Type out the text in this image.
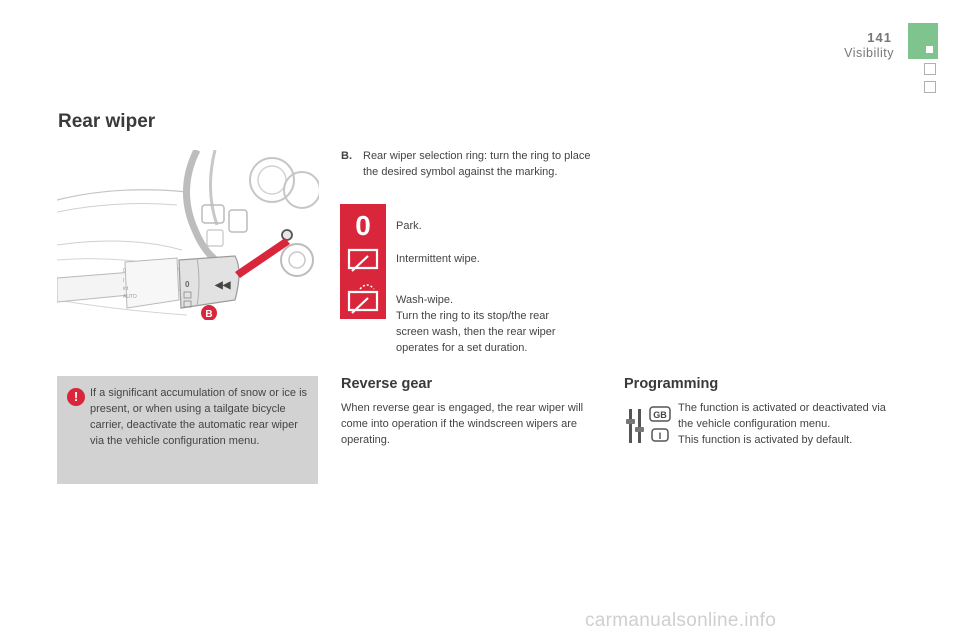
141
Visibility
Rear wiper
0
I
int
AUTO
0	◀◀
B
B. Rear wiper selection ring: turn the ring to place the desired symbol against the marking.
0 Park.
Intermittent wipe.
Wash-wipe.
Turn the ring to its stop/the rear screen wash, then the rear wiper operates for a set duration.
!	If a significant accumulation of snow or ice is present, or when using a tailgate bicycle carrier, deactivate the automatic rear wiper via the vehicle configuration menu.
Reverse gear
When reverse gear is engaged, the rear wiper will come into operation if the windscreen wipers are operating.
Programming
GB
I
The function is activated or deactivated via the vehicle configuration menu.
This function is activated by default.
carmanualsonline.info
